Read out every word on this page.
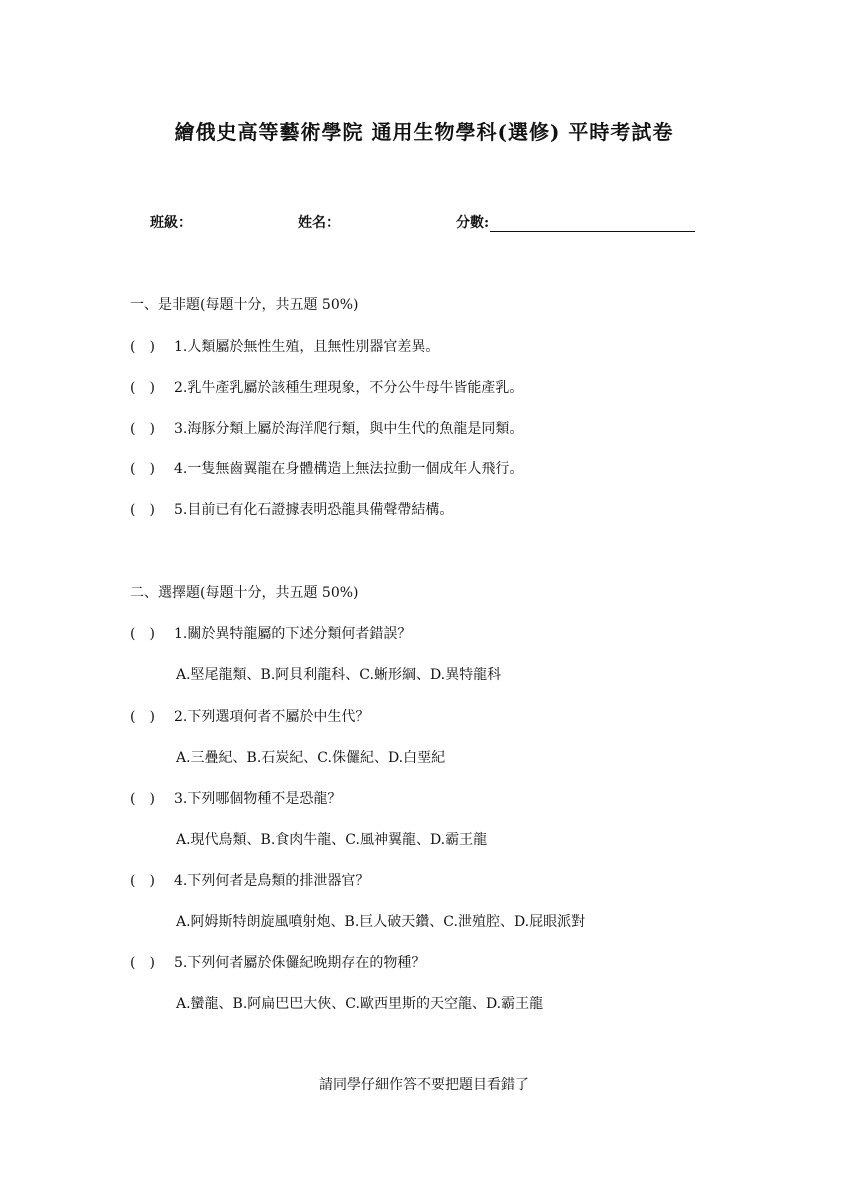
繪俄史高等藝術學院 通用生物學科(選修) 平時考試卷
班級：	姓名：	分數:
一、是非題(每題十分，共五題 50%)
(　) 1.人類屬於無性生殖，且無性別器官差異。
(　) 2.乳牛產乳屬於該種生理現象，不分公牛母牛皆能產乳。
(　) 3.海豚分類上屬於海洋爬行類，與中生代的魚龍是同類。
(　) 4.一隻無齒翼龍在身體構造上無法拉動一個成年人飛行。
(　) 5.目前已有化石證據表明恐龍具備聲帶結構。
二、選擇題(每題十分，共五題 50%)
(　) 1.關於異特龍屬的下述分類何者錯誤？
A.堅尾龍類、B.阿貝利龍科、C.蜥形綱、D.異特龍科
(　) 2.下列選項何者不屬於中生代？
A.三疊紀、B.石炭紀、C.侏儸紀、D.白堊紀
(　) 3.下列哪個物種不是恐龍？
A.現代鳥類、B.食肉牛龍、C.風神翼龍、D.霸王龍
(　) 4.下列何者是鳥類的排泄器官？
A.阿姆斯特朗旋風噴射炮、B.巨人破天鑽、C.泄殖腔、D.屁眼派對
(　) 5.下列何者屬於侏儸紀晚期存在的物種？
A.蠻龍、B.阿扁巴巴大俠、C.歐西里斯的天空龍、D.霸王龍
請同學仔細作答不要把題目看錯了
